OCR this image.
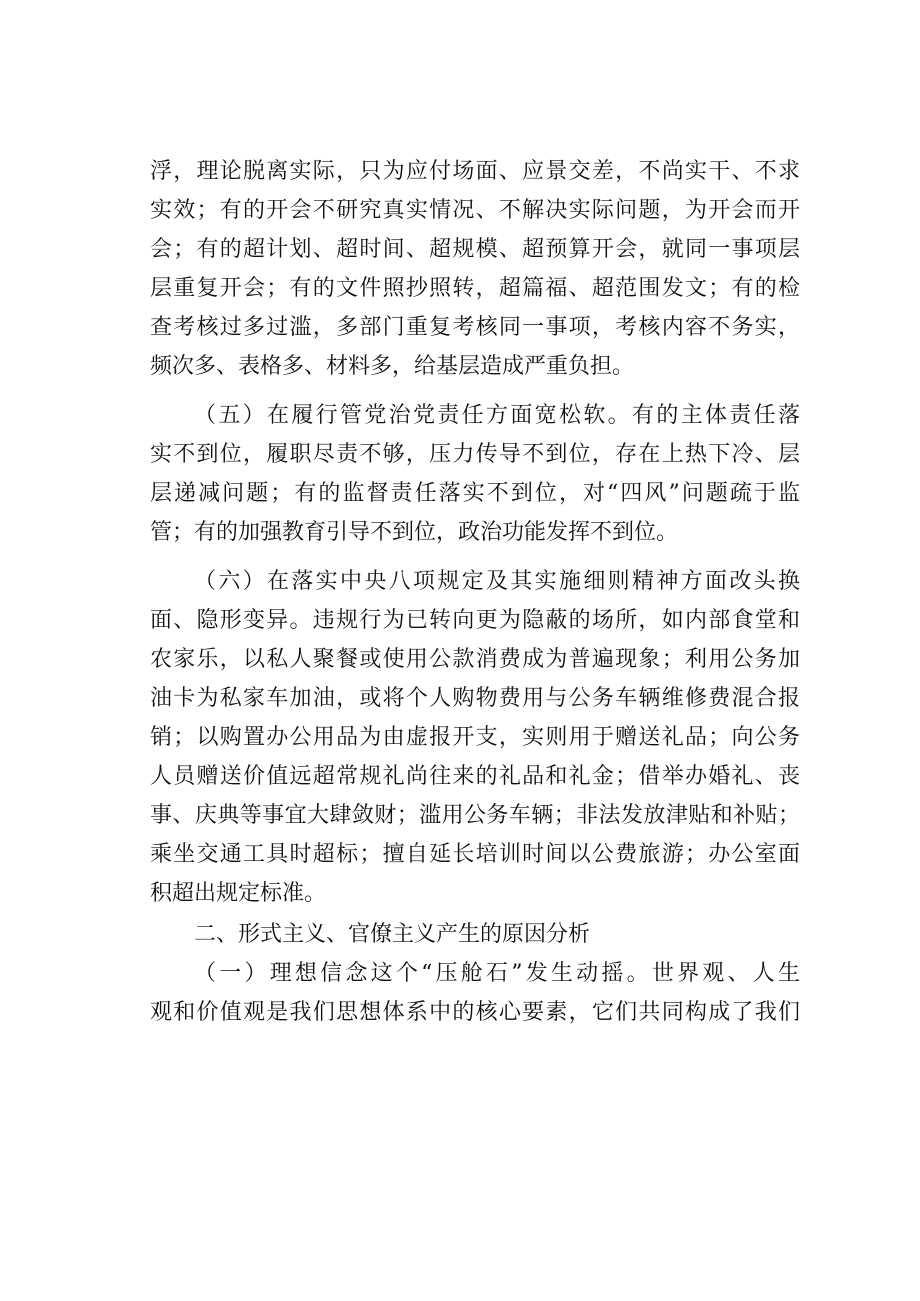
浮，理论脱离实际，只为应付场面、应景交差，不尚实干、不求
实效；有的开会不研究真实情况、不解决实际问题，为开会而开
会；有的超计划、超时间、超规模、超预算开会，就同一事项层
层重复开会；有的文件照抄照转，超篇福、超范围发文；有的检
查考核过多过滥，多部门重复考核同一事项，考核内容不务实，
频次多、表格多、材料多，给基层造成严重负担。
（五）在履行管党治党责任方面宽松软。有的主体责任落
实不到位，履职尽责不够，压力传导不到位，存在上热下冷、层
层递减问题；有的监督责任落实不到位，对“四风”问题疏于监
管；有的加强教育引导不到位，政治功能发挥不到位。
（六）在落实中央八项规定及其实施细则精神方面改头换
面、隐形变异。违规行为已转向更为隐蔽的场所，如内部食堂和
农家乐，以私人聚餐或使用公款消费成为普遍现象；利用公务加
油卡为私家车加油，或将个人购物费用与公务车辆维修费混合报
销；以购置办公用品为由虚报开支，实则用于赠送礼品；向公务
人员赠送价值远超常规礼尚往来的礼品和礼金；借举办婚礼、丧
事、庆典等事宜大肆敛财；滥用公务车辆；非法发放津贴和补贴；
乘坐交通工具时超标；擅自延长培训时间以公费旅游；办公室面
积超出规定标准。
二、形式主义、官僚主义产生的原因分析
（一）理想信念这个“压舱石”发生动摇。世界观、人生
观和价值观是我们思想体系中的核心要素，它们共同构成了我们
